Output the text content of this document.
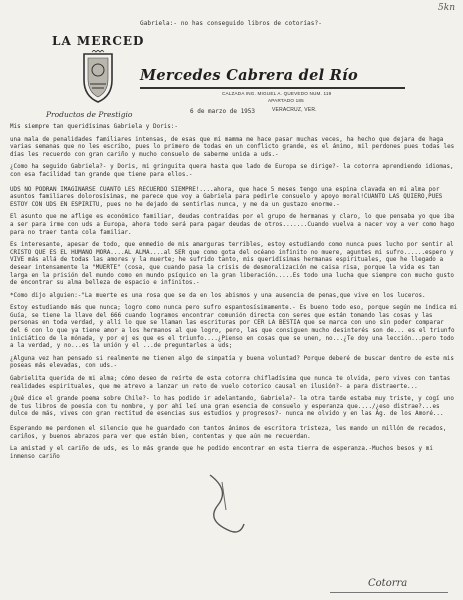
5kn
Gabriela:- no has conseguido libros de cotorías?-
LA MERCED
Productos de Prestigio
Mercedes Cabrera del Río
CALZADA ING. MIGUEL A. QUEVEDO NUM. 119
APARTADO 185
6 de marzo de 1953	VERACRUZ, VER.

Mis siempre tan queridísimas Gabriela y Doris:-

una mala de penalidades familiares intensas, de esas que mi mamma me hace pasar muchas veces, ha hecho que dejara de haga varias semanas que no les escribo, pues lo primero de todas en un conflicto grande, es el ánimo, mil perdones pues todas les días les recuerdo con gran cariño y mucho consuelo de saberme unida a uds.-

¿Como ha seguido Gabriela?- y Doris, mi gringuita quera hasta que lado de Europa se dirige?- la cotorra aprendiendo idiomas, con esa facilidad tan grande que tiene para ellos.-

UDS NO PODRAN IMAGINARSE CUANTO LES RECUERDO SIEMPRE!....ahora, que hace 5 meses tengo una espina clavada en mi alma por asuntos familiares dolorosísimas, me parece que voy a Gabriela para pedirle consuelo y apoyo moral!CUANTO LAS QUIERO,PUES ESTOY CON UDS EN ESPIRITU, pues no he dejado de sentirlas nunca, y me da un gustazo enorme.-

El asunto que me aflige es económico familiar, deudas contraídas por el grupo de hermanas y claro, lo que pensaba yo que iba a ser para irme con uds a Europa, ahora todo será para pagar deudas de otros.......Cuando vuelva a nacer voy a ver como hago para no traer tanta cola familiar.

Es interesante, apesar de todo, que enmedio de mis amarguras terribles, estoy estudiando como nunca pues lucho por sentir al CRISTO QUE ES EL HUMANO MORA....AL ALMA....al SER que como gota del océano infinito no muere, aguntes mi sufro......espero y VIVE más allá de todas las amores y la muerte; he sufrido tanto, mis queridísimas hermanas espirituales, que he llegado a desear intensamente la "MUERTE" (cosa, que cuando pasa la crisis de desmoralización me caisa risa, porque la vida es tan larga en la prisión del mundo como en mundo psíquico en la gran liberación.....Es todo una lucha que siempre con mucho gusto de encontrar su alma belleza de espacio e infinitos.-

*Como dijo alguien:-"La muerte es una rosa que se da en los abismos y una ausencia de penas,que vive en los luceros.

Estoy estudiando más que nunca; logro como nunca pero sufro espantosísimamente.- Es bueno todo eso, porque según me indica mi Guía, se tiene la llave del 666 cuando logramos encontrar comunión directa con seres que están tomando las cosas y las personas en toda verdad, y allí lo que se llaman las escrituras por CER LA BESTIA que se marca con uno sin poder comparar del 6 con lo que ya tiene amor a los hermanos al que logro, pero, las que consiguen mucho desinterés son de... es el triunfo iniciático de la mónada, y por ej es que es el triunfo....¿Pienso en cosas que se unen, no...¿Te doy una lección...pero todo a la verdad, y no...es la unión y el ...de preguntarles a uds;

¿Alguna vez han pensado si realmente me tienen algo de simpatía y buena voluntad? Porque deberé de buscar dentro de este mis poseas más elevadas, con uds.-

Gabrielita querida de mi alma; cómo deseo de reírte de esta cotorra chifladísima que nunca te olvida, pero vives con tantas realidades espirituales, que me atrevo a lanzar un reto de vuelo cotorico causal en ilusión?- a para distraerte...

¿Qué dice el grande poema sobre Chile?- lo has podido ir adelantando, Gabriela?- la otra tarde estaba muy triste, y cogí uno de tus libros de poesía con tu nombre, y por ahí leí una gran esencia de consuelo y esperanza que..../¿eso distrae?...es dulce de más, vives con gran rectitud de esencias sus estudios y progresos?- nunca me olvido y en las Ag. de los Amoré...

Esperando me perdonen el silencio que he guardado con tantos ánimos de escritora tristeza, les mando un millón de recados, cariños, y buenos abrazos para ver que están bien, contentas y que aún me recuerdan.

La amistad y el cariño de uds, es lo más grande que he podido encontrar en esta tierra de esperanza.-Muchos besos y mi inmenso cariño

Cotorra
